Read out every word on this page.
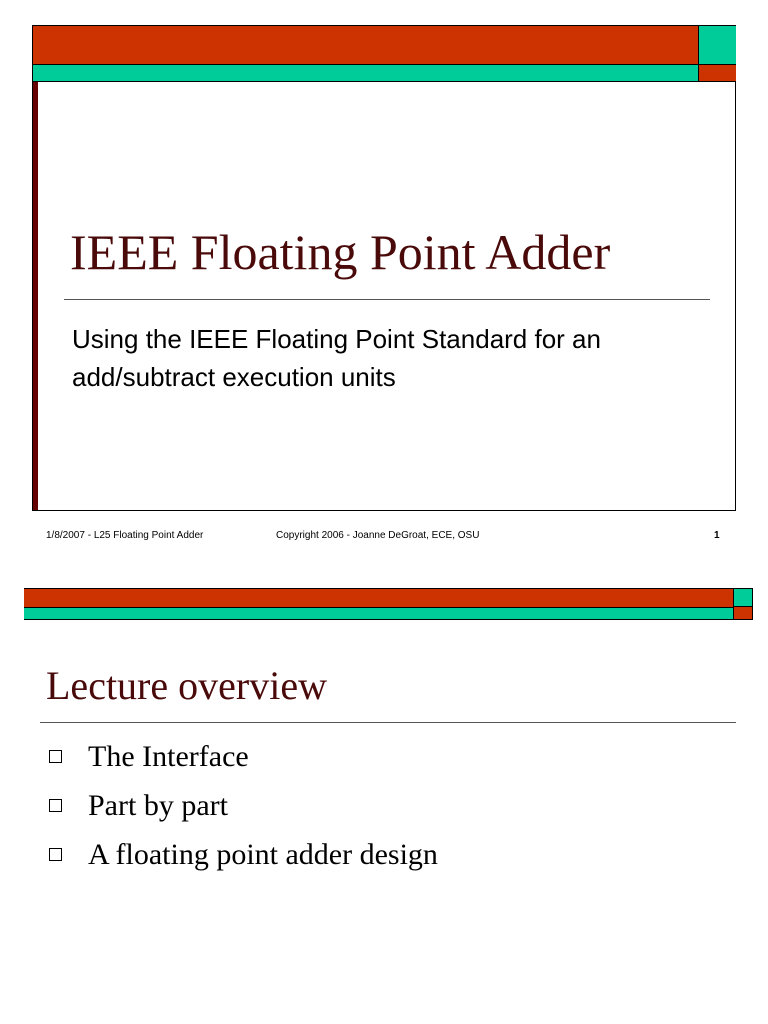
IEEE Floating Point Adder
Using the IEEE Floating Point Standard for an add/subtract execution units
1/8/2007 - L25 Floating Point Adder	Copyright 2006 - Joanne DeGroat, ECE, OSU	1
Lecture overview
The Interface
Part by part
A floating point adder design
